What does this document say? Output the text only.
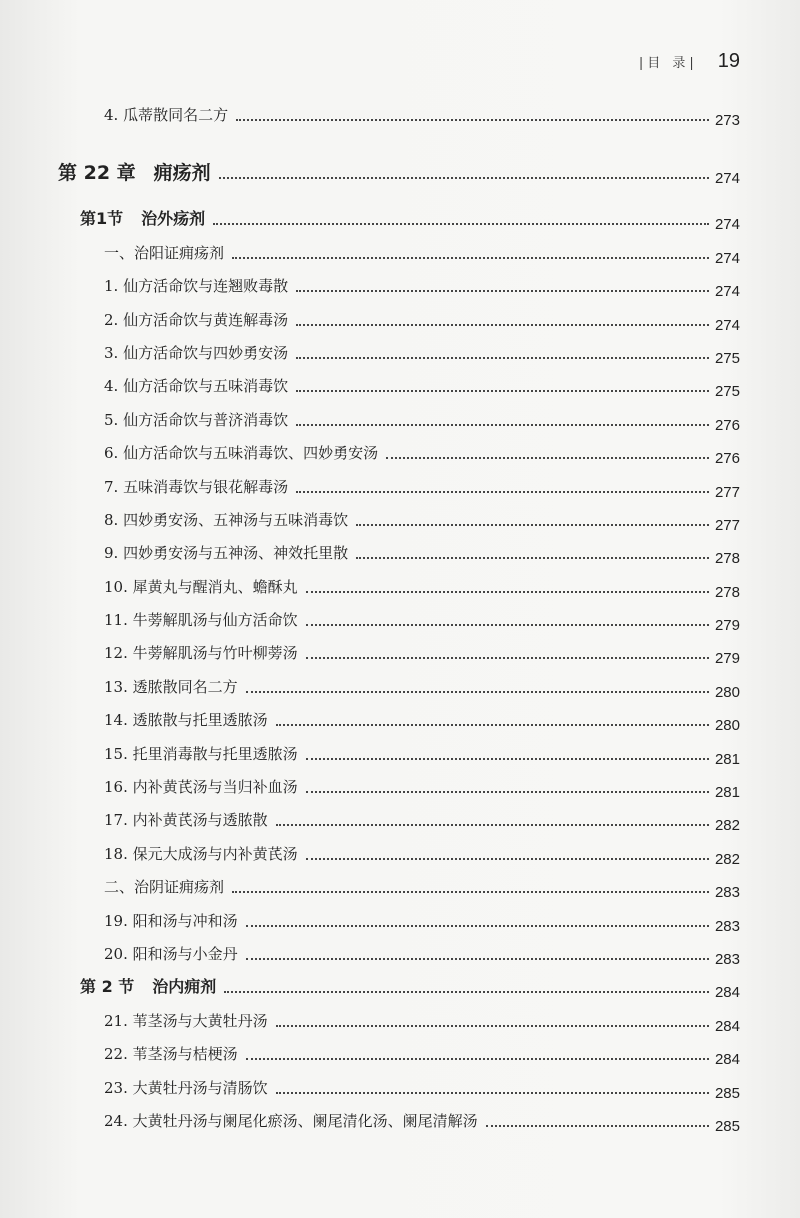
|目 录| 19
4. 瓜蒂散同名二方	273
第 22 章 痈疡剂	274
第1节 治外疡剂	274
一、治阳证痈疡剂	274
1. 仙方活命饮与连翘败毒散	274
2. 仙方活命饮与黄连解毒汤	274
3. 仙方活命饮与四妙勇安汤	275
4. 仙方活命饮与五味消毒饮	275
5. 仙方活命饮与普济消毒饮	276
6. 仙方活命饮与五味消毒饮、四妙勇安汤	276
7. 五味消毒饮与银花解毒汤	277
8. 四妙勇安汤、五神汤与五味消毒饮	277
9. 四妙勇安汤与五神汤、神效托里散	278
10. 犀黄丸与醒消丸、蟾酥丸	278
11. 牛蒡解肌汤与仙方活命饮	279
12. 牛蒡解肌汤与竹叶柳蒡汤	279
13. 透脓散同名二方	280
14. 透脓散与托里透脓汤	280
15. 托里消毒散与托里透脓汤	281
16. 内补黄芪汤与当归补血汤	281
17. 内补黄芪汤与透脓散	282
18. 保元大成汤与内补黄芪汤	282
二、治阴证痈疡剂	283
19. 阳和汤与冲和汤	283
20. 阳和汤与小金丹	283
第 2 节 治内痈剂	284
21. 苇茎汤与大黄牡丹汤	284
22. 苇茎汤与桔梗汤	284
23. 大黄牡丹汤与清肠饮	285
24. 大黄牡丹汤与阑尾化瘀汤、阑尾清化汤、阑尾清解汤	285
